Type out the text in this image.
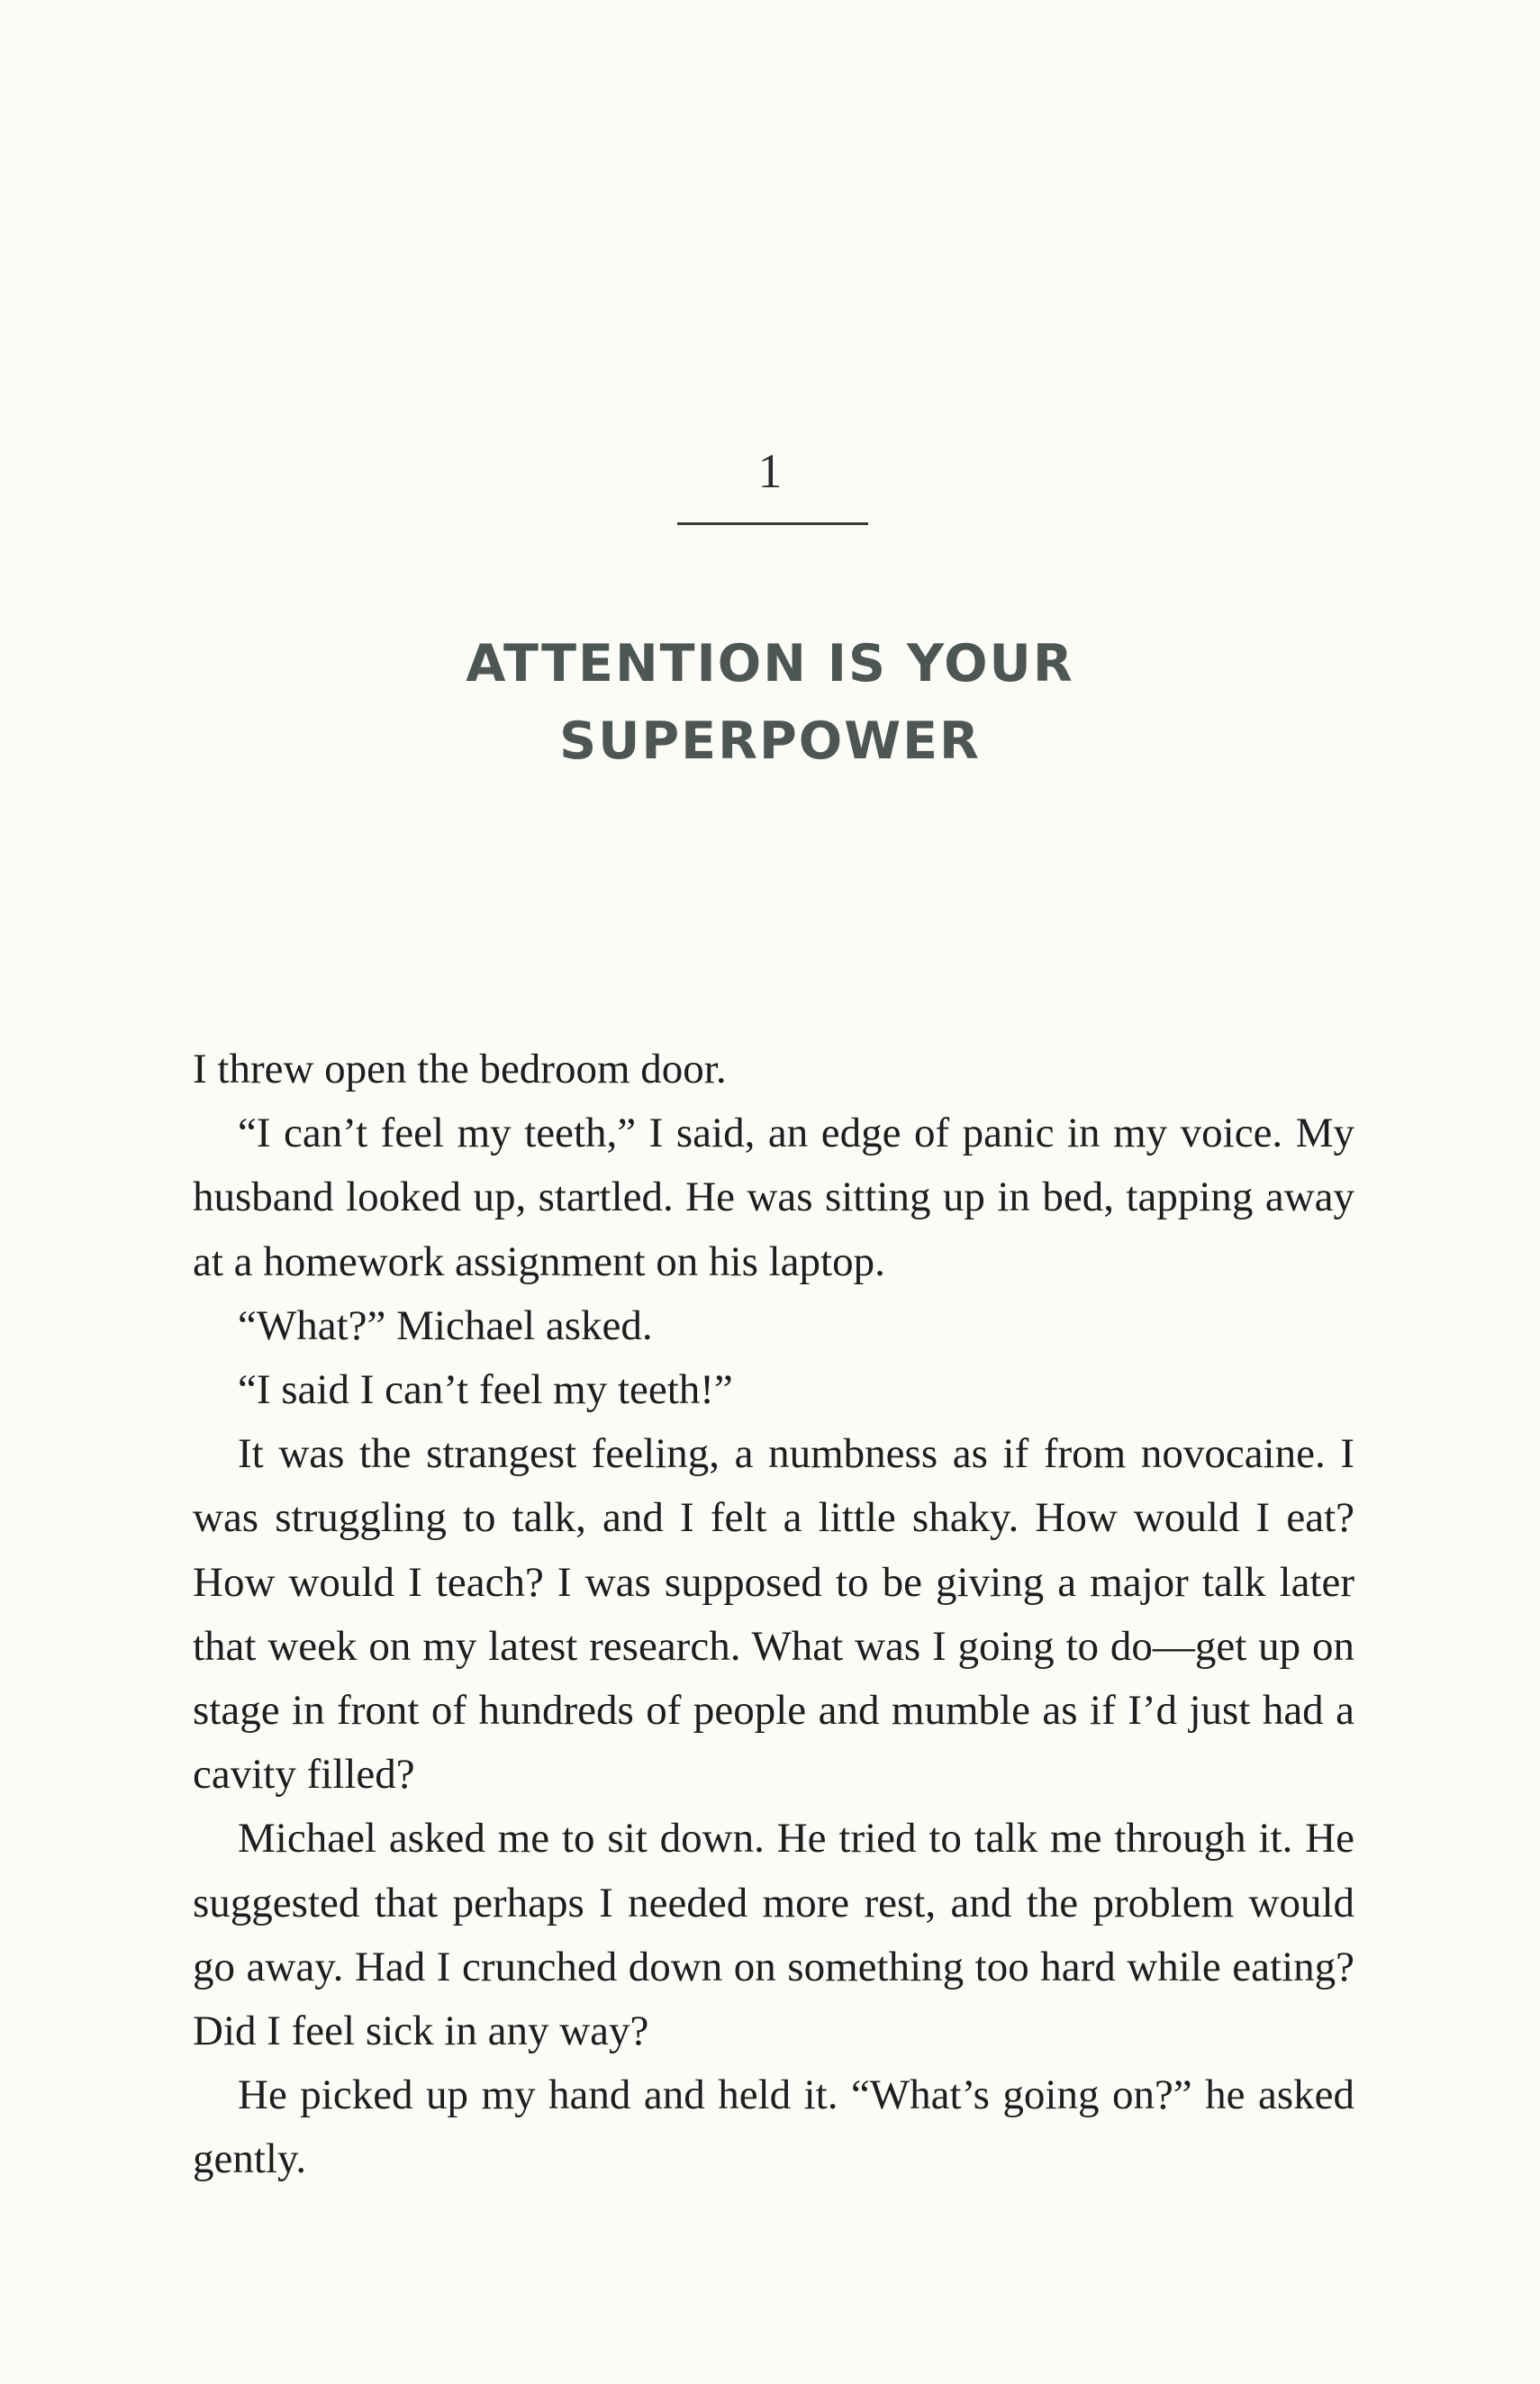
1
ATTENTION IS YOUR
SUPERPOWER

I threw open the bedroom door.

“I can’t feel my teeth,” I said, an edge of panic in my voice. My husband looked up, startled. He was sitting up in bed, tapping away at a homework assignment on his laptop.

“What?” Michael asked.

“I said I can’t feel my teeth!”

It was the strangest feeling, a numbness as if from novocaine. I was struggling to talk, and I felt a little shaky. How would I eat? How would I teach? I was supposed to be giving a major talk later that week on my latest research. What was I going to do—get up on stage in front of hundreds of people and mumble as if I’d just had a cavity filled?

Michael asked me to sit down. He tried to talk me through it. He suggested that perhaps I needed more rest, and the problem would go away. Had I crunched down on something too hard while eating? Did I feel sick in any way?

He picked up my hand and held it. “What’s going on?” he asked gently.
